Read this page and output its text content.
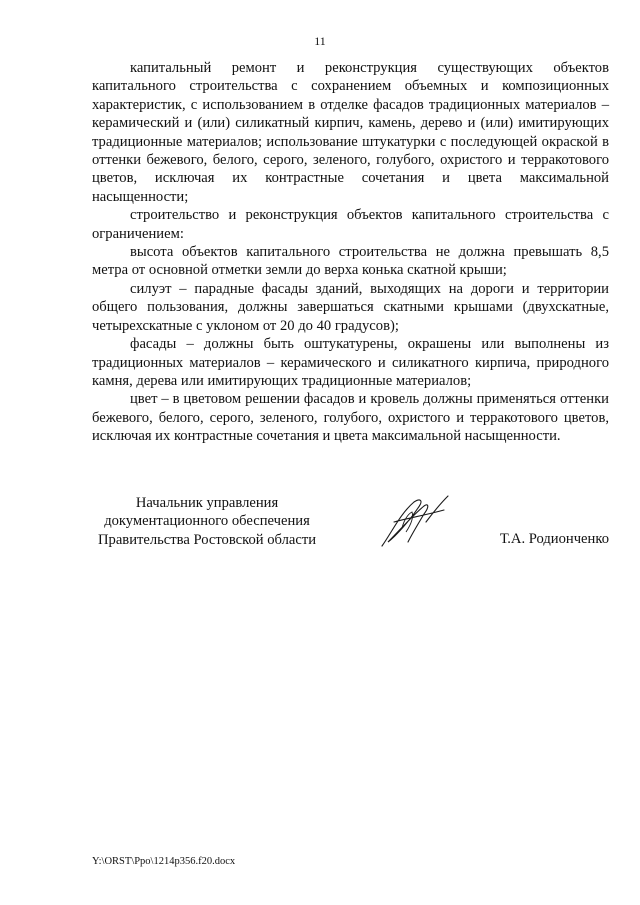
11

капитальный ремонт и реконструкция существующих объектов капитального строительства с сохранением объемных и композиционных характеристик, с использованием в отделке фасадов традиционных материалов – керамический и (или) силикатный кирпич, камень, дерево и (или) имитирующих традиционные материалов; использование штукатурки с последующей окраской в оттенки бежевого, белого, серого, зеленого, голубого, охристого и терракотового цветов, исключая их контрастные сочетания и цвета максимальной насыщенности;

строительство и реконструкция объектов капитального строительства с ограничением:

высота объектов капитального строительства не должна превышать 8,5 метра от основной отметки земли до верха конька скатной крыши;

силуэт – парадные фасады зданий, выходящих на дороги и территории общего пользования, должны завершаться скатными крышами (двухскатные, четырехскатные с уклоном от 20 до 40 градусов);

фасады – должны быть оштукатурены, окрашены или выполнены из традиционных материалов – керамического и силикатного кирпича, природного камня, дерева или имитирующих традиционные материалов;

цвет – в цветовом решении фасадов и кровель должны применяться оттенки бежевого, белого, серого, зеленого, голубого, охристого и терракотового цветов, исключая их контрастные сочетания и цвета максимальной насыщенности.

Начальник управления
документационного обеспечения
Правительства Ростовской области	Т.А. Родионченко
Y:\ORST\Ppo\1214p356.f20.docx
